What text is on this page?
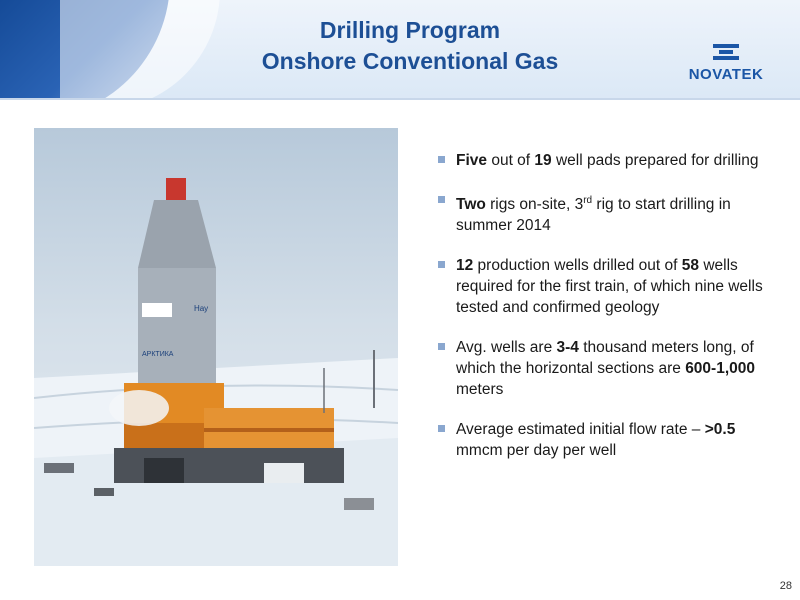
Drilling Program
Onshore Conventional Gas
NOVATEK
Нау
АРКТИКА
Five out of 19 well pads prepared for drilling
Two rigs on-site, 3rd rig to start drilling in summer 2014
12 production wells drilled out of 58 wells required for the first train, of which nine wells tested and confirmed geology
Avg. wells are 3-4 thousand meters long, of which the horizontal sections are 600-1,000 meters
Average estimated initial flow rate – >0.5 mmcm per day per well
28
